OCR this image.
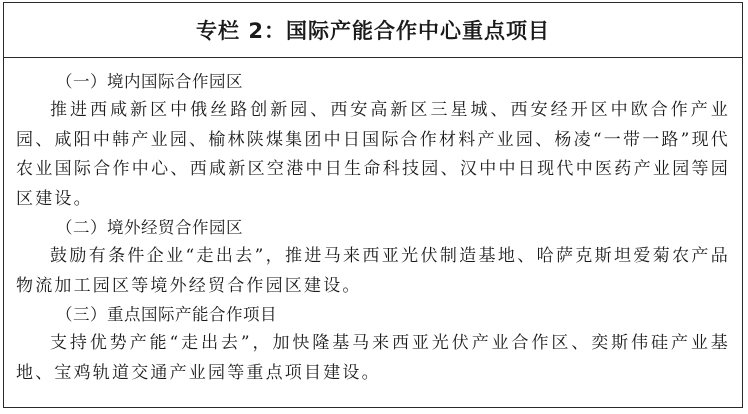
专栏 2：国际产能合作中心重点项目
（一）境内国际合作园区

推进西咸新区中俄丝路创新园、西安高新区三星城、西安经开区中欧合作产业园、咸阳中韩产业园、榆林陕煤集团中日国际合作材料产业园、杨凌“一带一路”现代农业国际合作中心、西咸新区空港中日生命科技园、汉中中日现代中医药产业园等园区建设。

（二）境外经贸合作园区

鼓励有条件企业“走出去”，推进马来西亚光伏制造基地、哈萨克斯坦爱菊农产品物流加工园区等境外经贸合作园区建设。

（三）重点国际产能合作项目

支持优势产能“走出去”，加快隆基马来西亚光伏产业合作区、奕斯伟硅产业基地、宝鸡轨道交通产业园等重点项目建设。
